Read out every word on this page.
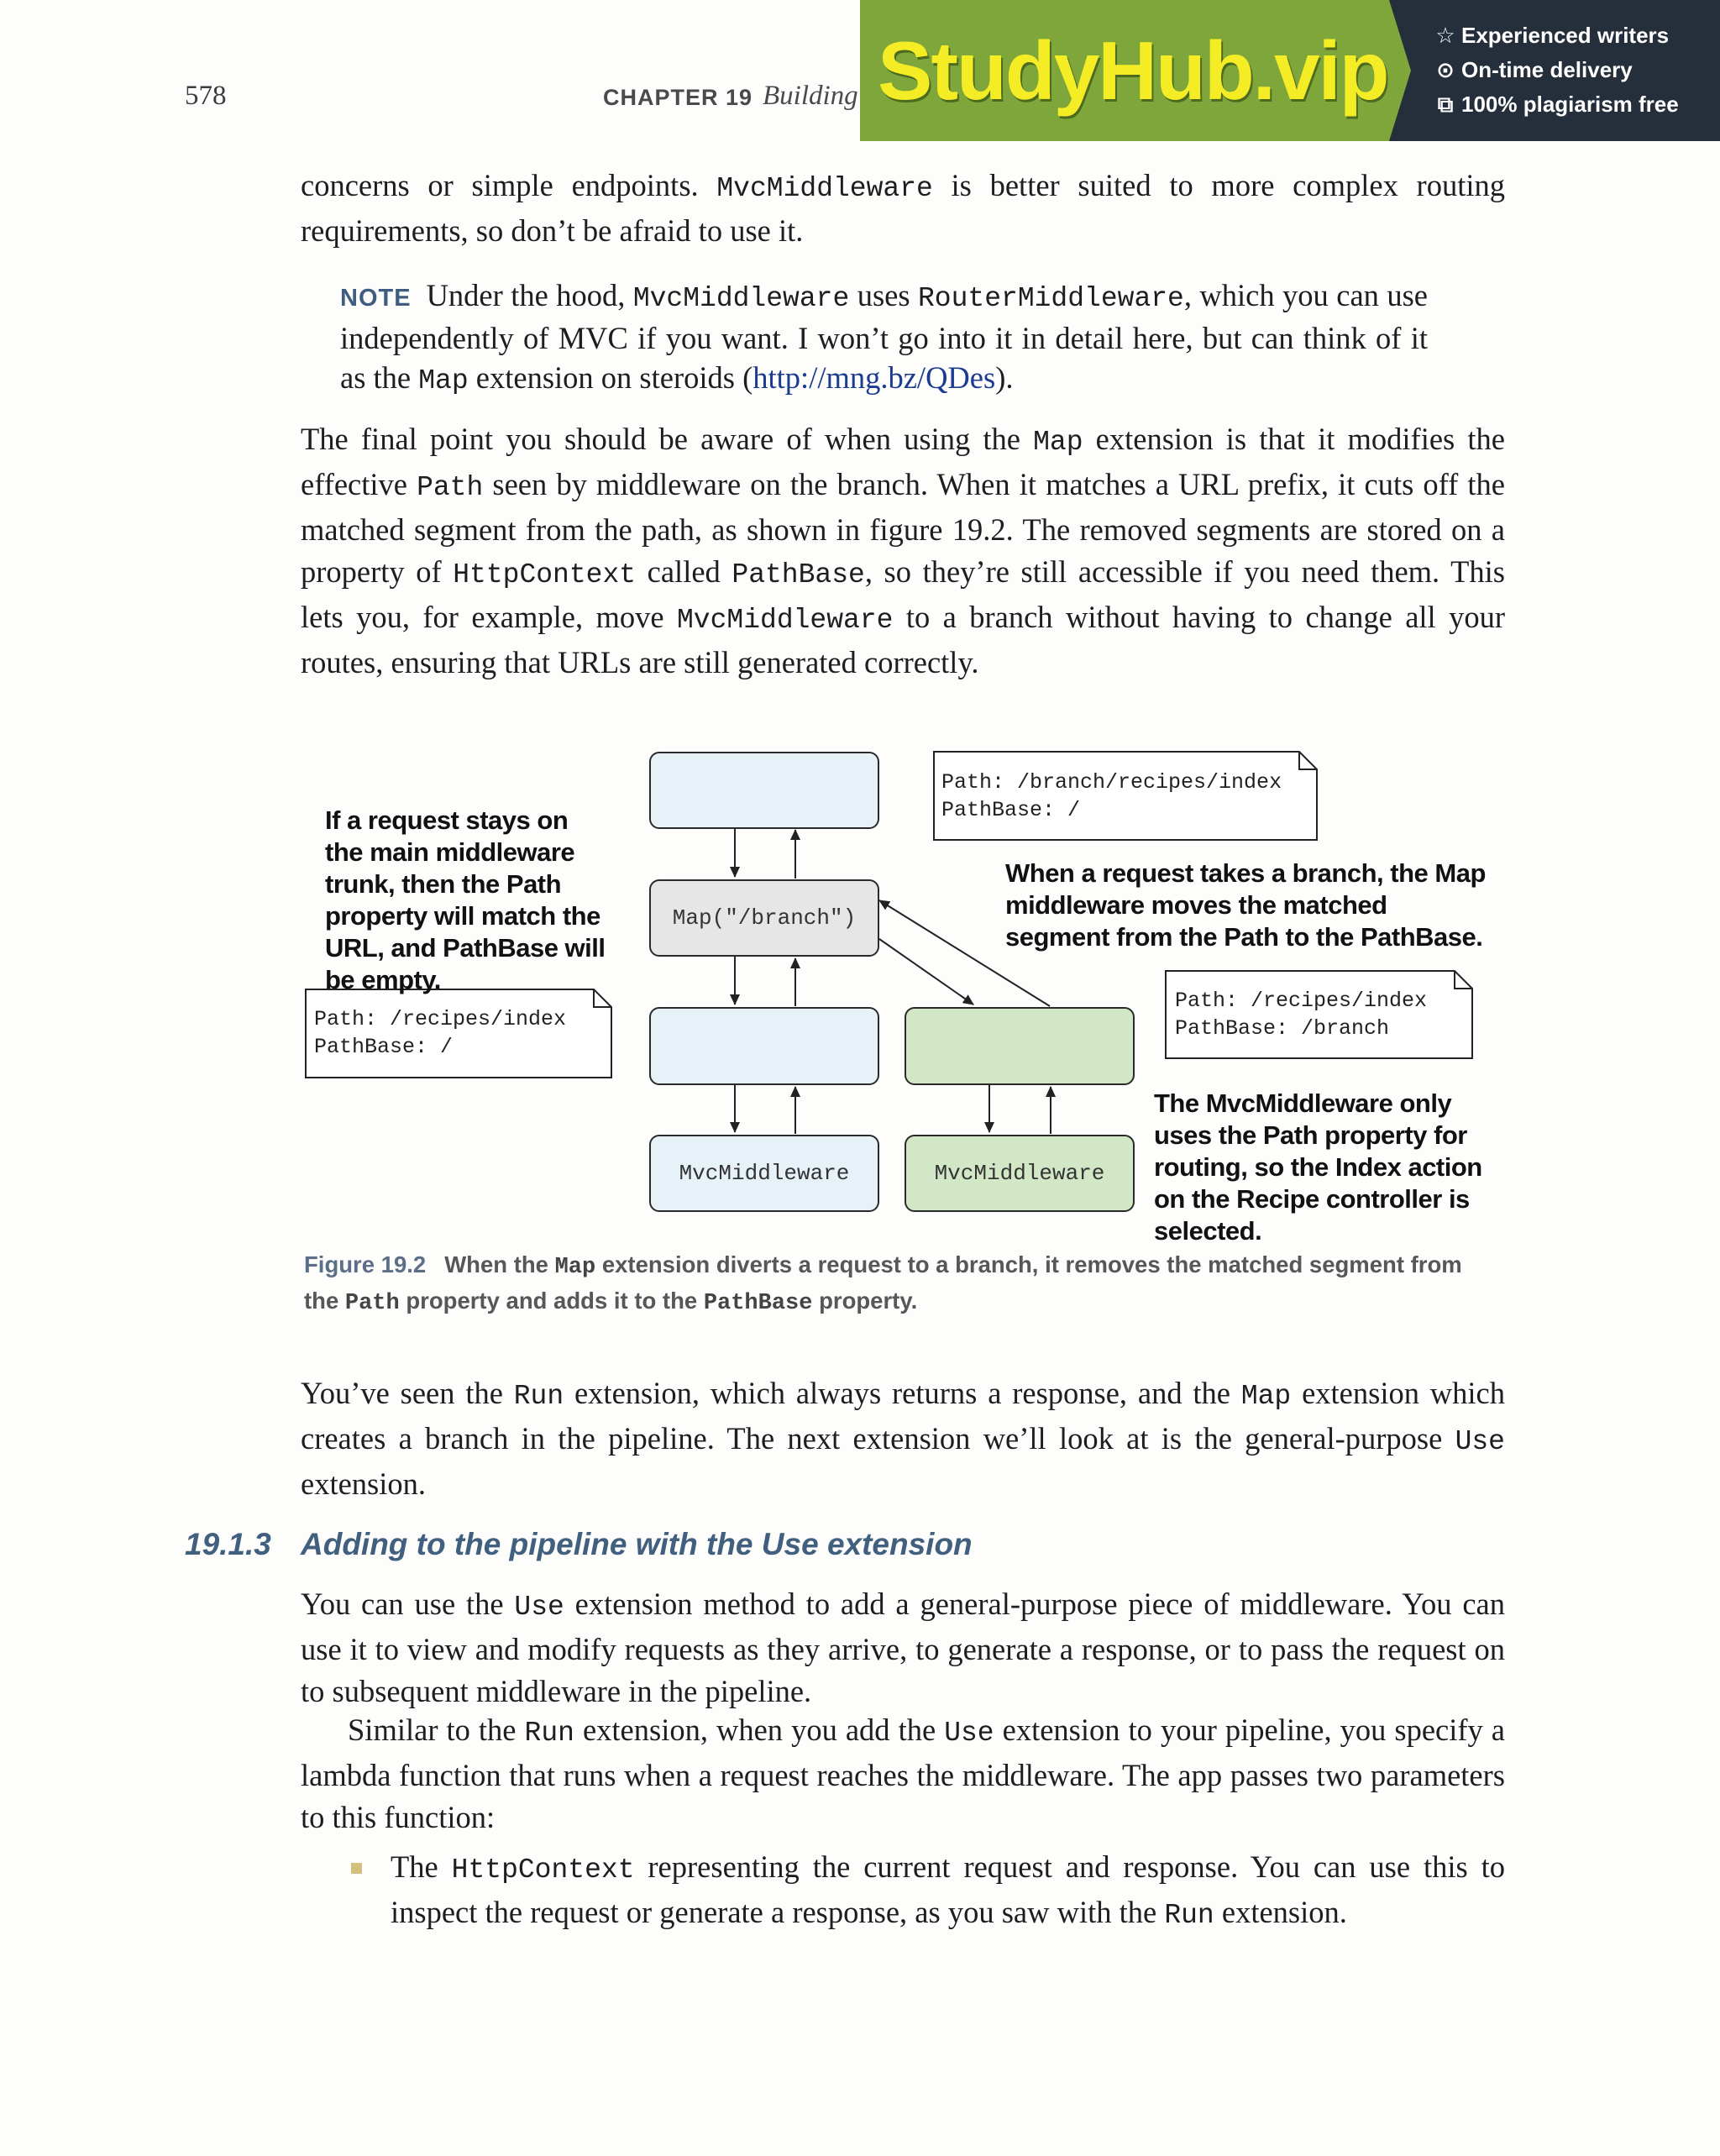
578	CHAPTER 19 Building StudyHub.vip ☆ Experienced writers
⊙ On-time delivery
⧉ 100% plagiarism free
concerns or simple endpoints. MvcMiddleware is better suited to more complex routing requirements, so don’t be afraid to use it.
NOTE Under the hood, MvcMiddleware uses RouterMiddleware, which you can use independently of MVC if you want. I won’t go into it in detail here, but can think of it as the Map extension on steroids (http://mng.bz/QDes).
The final point you should be aware of when using the Map extension is that it modifies the effective Path seen by middleware on the branch. When it matches a URL prefix, it cuts off the matched segment from the path, as shown in figure 19.2. The removed segments are stored on a property of HttpContext called PathBase, so they’re still accessible if you need them. This lets you, for example, move MvcMiddleware to a branch without having to change all your routes, ensuring that URLs are still generated correctly.
Map("/branch")
MvcMiddleware	MvcMiddleware
Path: /branch/recipes/index
PathBase: /
Path: /recipes/index
PathBase: /
Path: /recipes/index
PathBase: /branch
If a request stays on the main middleware trunk, then the Path property will match the URL, and PathBase will be empty.
When a request takes a branch, the Map middleware moves the matched segment from the Path to the PathBase.
The MvcMiddleware only uses the Path property for routing, so the Index action on the Recipe controller is selected.
Figure 19.2 When the Map extension diverts a request to a branch, it removes the matched segment from the Path property and adds it to the PathBase property.
You’ve seen the Run extension, which always returns a response, and the Map extension which creates a branch in the pipeline. The next extension we’ll look at is the general-purpose Use extension.
19.1.3 Adding to the pipeline with the Use extension
You can use the Use extension method to add a general-purpose piece of middleware. You can use it to view and modify requests as they arrive, to generate a response, or to pass the request on to subsequent middleware in the pipeline.
Similar to the Run extension, when you add the Use extension to your pipeline, you specify a lambda function that runs when a request reaches the middleware. The app passes two parameters to this function:
The HttpContext representing the current request and response. You can use this to inspect the request or generate a response, as you saw with the Run extension.
